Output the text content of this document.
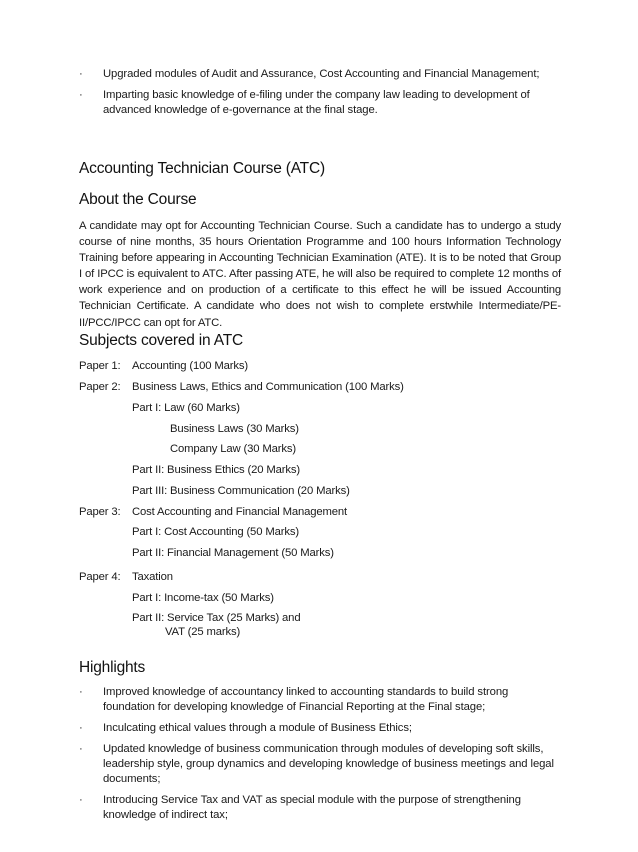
· Upgraded modules of Audit and Assurance, Cost Accounting and Financial Management;
· Imparting basic knowledge of e-filing under the company law leading to development of advanced knowledge of e-governance at the final stage.
Accounting Technician Course (ATC)
About the Course

A candidate may opt for Accounting Technician Course. Such a candidate has to undergo a study course of nine months, 35 hours Orientation Programme and 100 hours Information Technology Training before appearing in Accounting Technician Examination (ATE). It is to be noted that Group I of IPCC is equivalent to ATC. After passing ATE, he will also be required to complete 12 months of work experience and on production of a certificate to this effect he will be issued Accounting Technician Certificate. A candidate who does not wish to complete erstwhile Intermediate/PE-II/PCC/IPCC can opt for ATC.

Subjects covered in ATC
Paper 1: Accounting (100 Marks)
Paper 2: Business Laws, Ethics and Communication (100 Marks)
Part I: Law (60 Marks)
Business Laws (30 Marks)
Company Law (30 Marks)
Part II: Business Ethics (20 Marks)
Part III: Business Communication (20 Marks)
Paper 3: Cost Accounting and Financial Management
Part I: Cost Accounting (50 Marks)
Part II: Financial Management (50 Marks)
Paper 4: Taxation
Part I: Income-tax (50 Marks)
Part II: Service Tax (25 Marks) and
VAT (25 marks)
Highlights
· Improved knowledge of accountancy linked to accounting standards to build strong foundation for developing knowledge of Financial Reporting at the Final stage;
· Inculcating ethical values through a module of Business Ethics;
· Updated knowledge of business communication through modules of developing soft skills, leadership style, group dynamics and developing knowledge of business meetings and legal documents;
· Introducing Service Tax and VAT as special module with the purpose of strengthening knowledge of indirect tax;
